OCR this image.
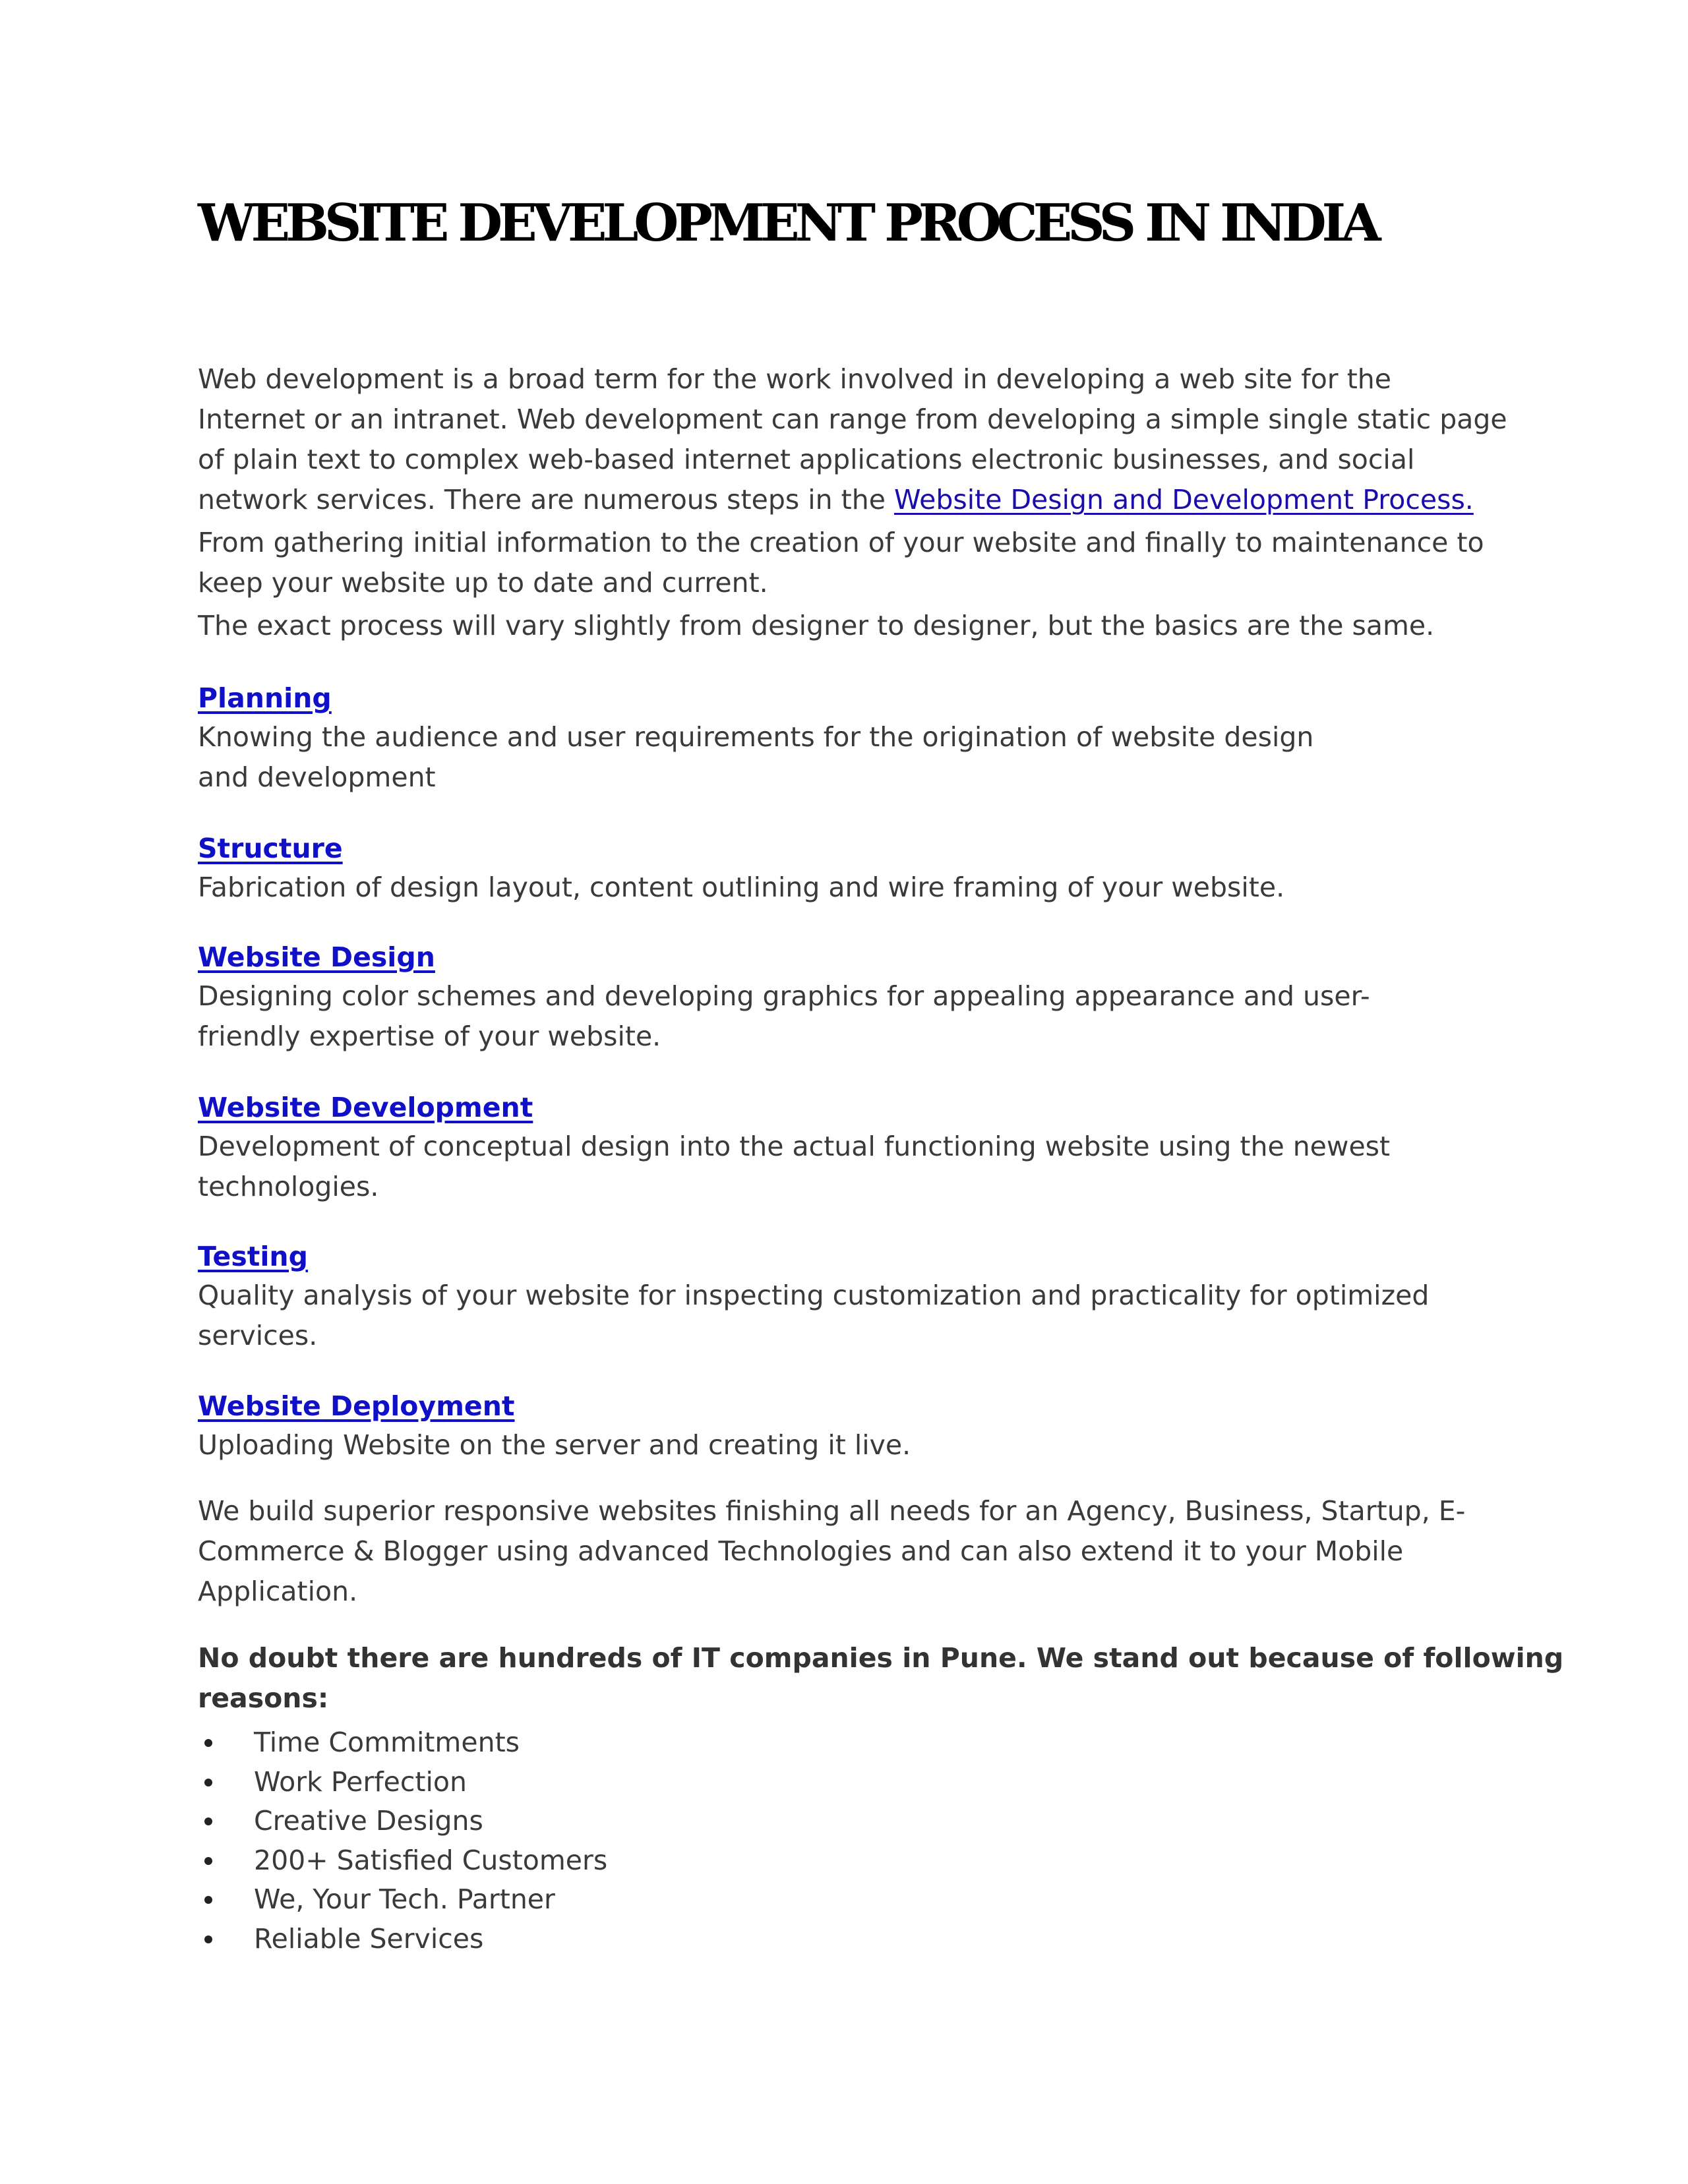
WEBSITE DEVELOPMENT PROCESS IN INDIA
Web development is a broad term for the work involved in developing a web site for the
Internet or an intranet. Web development can range from developing a simple single static page
of plain text to complex web-based internet applications electronic businesses, and social
network services. There are numerous steps in the Website Design and Development Process.
From gathering initial information to the creation of your website and finally to maintenance to
keep your website up to date and current.
The exact process will vary slightly from designer to designer, but the basics are the same.
Planning
Knowing the audience and user requirements for the origination of website design
and development
Structure
Fabrication of design layout, content outlining and wire framing of your website.
Website Design
Designing color schemes and developing graphics for appealing appearance and user-
friendly expertise of your website.
Website Development
Development of conceptual design into the actual functioning website using the newest
technologies.
Testing
Quality analysis of your website for inspecting customization and practicality for optimized
services.
Website Deployment
Uploading Website on the server and creating it live.
We build superior responsive websites finishing all needs for an Agency, Business, Startup, E-
Commerce & Blogger using advanced Technologies and can also extend it to your Mobile
Application.
No doubt there are hundreds of IT companies in Pune. We stand out because of following
reasons:
Time Commitments
Work Perfection
Creative Designs
200+ Satisfied Customers
We, Your Tech. Partner
Reliable Services
